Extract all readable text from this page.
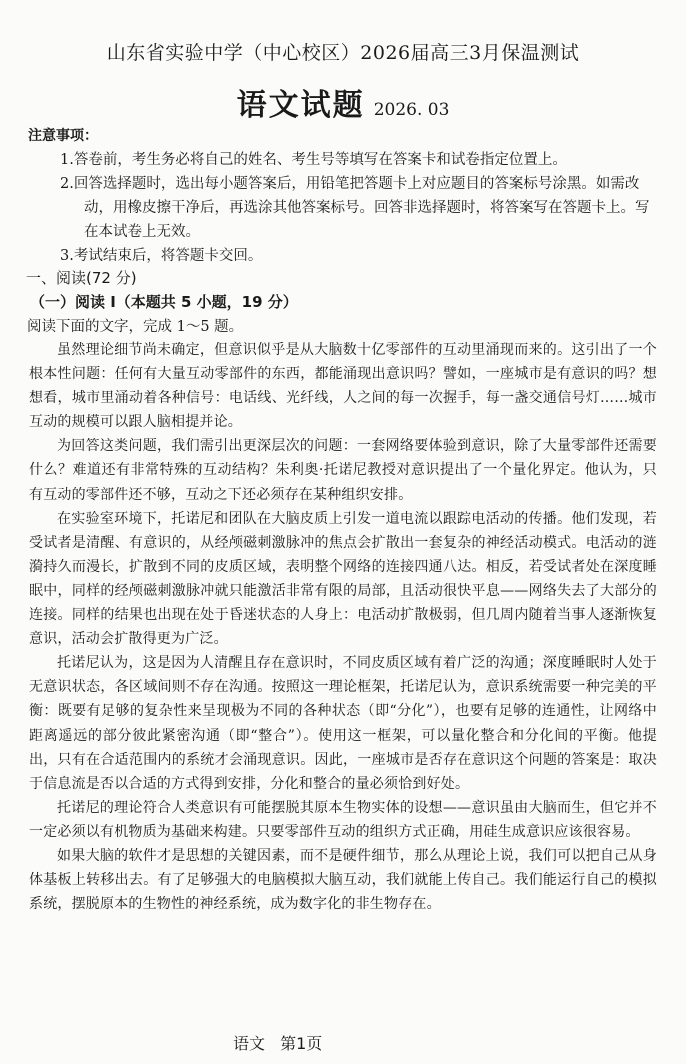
山东省实验中学（中心校区）2026届高三3月保温测试
语文试题 2026. 03
注意事项：
1.答卷前，考生务必将自己的姓名、考生号等填写在答案卡和试卷指定位置上。
2.回答选择题时，选出每小题答案后，用铅笔把答题卡上对应题目的答案标号涂黑。如需改动，用橡皮擦干净后，再选涂其他答案标号。回答非选择题时，将答案写在答题卡上。写在本试卷上无效。
3.考试结束后，将答题卡交回。
一、阅读(72 分)
（一）阅读 I（本题共 5 小题，19 分）
阅读下面的文字，完成 1～5 题。

虽然理论细节尚未确定，但意识似乎是从大脑数十亿零部件的互动里涌现而来的。这引出了一个根本性问题：任何有大量互动零部件的东西，都能涌现出意识吗？譬如，一座城市是有意识的吗？想想看，城市里涌动着各种信号：电话线、光纤线，人之间的每一次握手，每一盏交通信号灯……城市互动的规模可以跟人脑相提并论。

为回答这类问题，我们需引出更深层次的问题：一套网络要体验到意识，除了大量零部件还需要什么？难道还有非常特殊的互动结构？朱利奥·托诺尼教授对意识提出了一个量化界定。他认为，只有互动的零部件还不够，互动之下还必须存在某种组织安排。

在实验室环境下，托诺尼和团队在大脑皮质上引发一道电流以跟踪电活动的传播。他们发现，若受试者是清醒、有意识的，从经颅磁刺激脉冲的焦点会扩散出一套复杂的神经活动模式。电活动的涟漪持久而漫长，扩散到不同的皮质区域，表明整个网络的连接四通八达。相反，若受试者处在深度睡眠中，同样的经颅磁刺激脉冲就只能激活非常有限的局部，且活动很快平息——网络失去了大部分的连接。同样的结果也出现在处于昏迷状态的人身上：电活动扩散极弱，但几周内随着当事人逐渐恢复意识，活动会扩散得更为广泛。

托诺尼认为，这是因为人清醒且存在意识时，不同皮质区域有着广泛的沟通；深度睡眠时人处于无意识状态，各区域间则不存在沟通。按照这一理论框架，托诺尼认为，意识系统需要一种完美的平衡：既要有足够的复杂性来呈现极为不同的各种状态（即“分化”），也要有足够的连通性，让网络中距离遥远的部分彼此紧密沟通（即“整合”）。使用这一框架，可以量化整合和分化间的平衡。他提出，只有在合适范围内的系统才会涌现意识。因此，一座城市是否存在意识这个问题的答案是：取决于信息流是否以合适的方式得到安排，分化和整合的量必须恰到好处。

托诺尼的理论符合人类意识有可能摆脱其原本生物实体的设想——意识虽由大脑而生，但它并不一定必须以有机物质为基础来构建。只要零部件互动的组织方式正确，用硅生成意识应该很容易。

如果大脑的软件才是思想的关键因素，而不是硬件细节，那么从理论上说，我们可以把自己从身体基板上转移出去。有了足够强大的电脑模拟大脑互动，我们就能上传自己。我们能运行自己的模拟系统，摆脱原本的生物性的神经系统，成为数字化的非生物存在。

语文 第1页
